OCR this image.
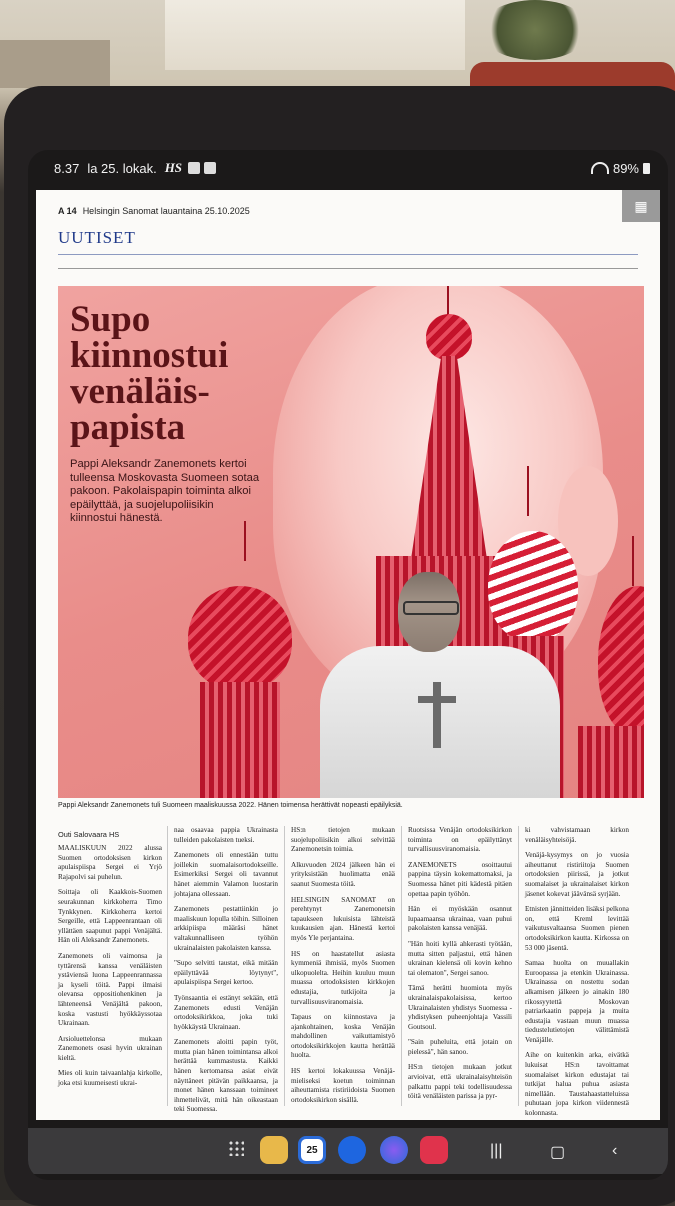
8.37 la 25. lokak. HS	89%
A 14 Helsingin Sanomat lauantaina 25.10.2025	▦
UUTISET
Supo kiinnostui venäläis-papista
Pappi Aleksandr Zanemonets kertoi tulleensa Moskovasta Suomeen sotaa pakoon. Pakolaispapin toiminta alkoi epäilyttää, ja suojelupoliisikin kiinnostui hänestä.
Pappi Aleksandr Zanemonets tuli Suomeen maaliskuussa 2022. Hänen toimensa herättivät nopeasti epäilyksiä.
Outi Salovaara HS

MAALISKUUN 2022 alussa Suomen ortodoksisen kirkon apulaispiispa Sergei ei Yrjö Rajapolvi sai puhelun.

Soittaja oli Kaakkois-Suomen seurakunnan kirkkoherra Timo Tynkkynen. Kirkkoherra kertoi Sergeille, että Lappeenrantaan oli yllättäen saapunut pappi Venäjältä. Hän oli Aleksandr Zanemonets.

Zanemonets oli vaimonsa ja tyttärensä kanssa venäläisten ystäviensä luona Lappeenrannassa ja kyseli töitä. Pappi ilmaisi olevansa oppositiohenkinen ja lähteneensä Venäjältä pakoon, koska vastusti hyökkäyssotaa Ukrainaan.

Arsioluettelonsa mukaan Zanemonets osasi hyvin ukrainan kieltä.

Mies oli kuin taivaanlahja kirkolle, joka etsi kuumeisesti ukrai-

naa osaavaa pappia Ukrainasta tulleiden pakolaisten tueksi.

Zanemonets oli ennestään tuttu joillekin suomalaisortodokseille. Esimerkiksi Sergei oli tavannut hänet aiemmin Valamon luostarin johtajana ollessaan.

Zanemonets pestattiinkin jo maaliskuun lopulla töihin. Silloinen arkkipiispa määräsi hänet valtakunnalliseen työhön ukrainalaisten pakolaisten kanssa.

"Supo selvitti taustat, eikä mitään epäilyttävää löytynyt", apulaispiispa Sergei kertoo.

Työnsaantia ei estänyt sekään, että Zanemonets edusti Venäjän ortodoksikirkkoa, joka tuki hyökkäystä Ukrainaan.

Zanemonets aloitti papin työt, mutta pian hänen toimintansa alkoi herättää kummastusta. Kaikki hänen kertomansa asiat eivät näyttäneet pitävän paikkaansa, ja monet hänen kanssaan toimineet ihmettelivät, mitä hän oikeastaan teki Suomessa.

HS:n tietojen mukaan suojelupoliisikin alkoi selvittää Zanemonetsin toimia.

Alkuvuoden 2024 jälkeen hän ei yrityksistään huolimatta enää saanut Suomesta töitä.

HELSINGIN SANOMAT on perehtynyt Zanemonetsin tapaukseen lukuisista lähteistä kuukausien ajan. Hänestä kertoi myös Yle perjantaina.

HS on haastatellut asiasta kymmeniä ihmisiä, myös Suomen ulkopuolelta. Heihin kuuluu muun muassa ortodoksisten kirkkojen edustajia, tutkijoita ja turvallisuusviranomaisia.

Tapaus on kiinnostava ja ajankohtainen, koska Venäjän mahdollinen vaikuttamistyö ortodoksikirkkojen kautta herättää huolta.

HS kertoi lokakuussa Venäjä-mieliseksi koetun toiminnan aiheuttamista ristiriidoista Suomen ortodoksikirkon sisällä.

Ruotsissa Venäjän ortodoksikirkon toiminta on epäilyttänyt turvallisuusviranomaisia.

ZANEMONETS osoittautui pappina täysin kokemattomaksi, ja Suomessa hänet piti kädestä pitäen opettaa papin työhön.

Hän ei myöskään osannut lupaamaansa ukrainaa, vaan puhui pakolaisten kanssa venäjää.

"Hän hoiti kyllä ahkerasti työtään, mutta sitten paljastui, että hänen ukrainan kielensä oli kovin kehno tai olematon", Sergei sanoo.

Tämä herätti huomiota myös ukrainalaispakolaisissa, kertoo Ukrainalaisten yhdistys Suomessa -yhdistyksen puheenjohtaja Vassili Goutsoul.

"Sain puheluita, että jotain on pielessä", hän sanoo.

HS:n tietojen mukaan jotkut arvioivat, että ukrainalaisyhteisön palkattu pappi teki todellisuudessa töitä venäläisten parissa ja pyr-

ki vahvistamaan kirkon venäläisyhteisöjä.

Venäjä-kysymys on jo vuosia aiheuttanut ristiriitoja Suomen ortodoksien piirissä, ja jotkut suomalaiset ja ukrainalaiset kirkon jäsenet kokevat jäävänsä syrjään.

Etnisten jännitteiden lisäksi pelkona on, että Kreml levittää vaikutusvaltaansa Suomen pienen ortodoksikirkon kautta. Kirkossa on 53 000 jäsentä.

Samaa huolta on muuallakin Euroopassa ja etenkin Ukrainassa. Ukrainassa on nostettu sodan alkamisen jälkeen jo ainakin 180 rikossyytettä Moskovan patriarkaatin pappeja ja muita edustajia vastaan muun muassa tiedustelutietojen välittämistä Venäjälle.

Aihe on kuitenkin arka, eivätkä lukuisat HS:n tavoittamat suomalaiset kirkon edustajat tai tutkijat halua puhua asiasta nimellään. Taustahaastatteluissa puhutaan jopa kirkon viidennestä kolonnasta.

25	|||	▢	‹
